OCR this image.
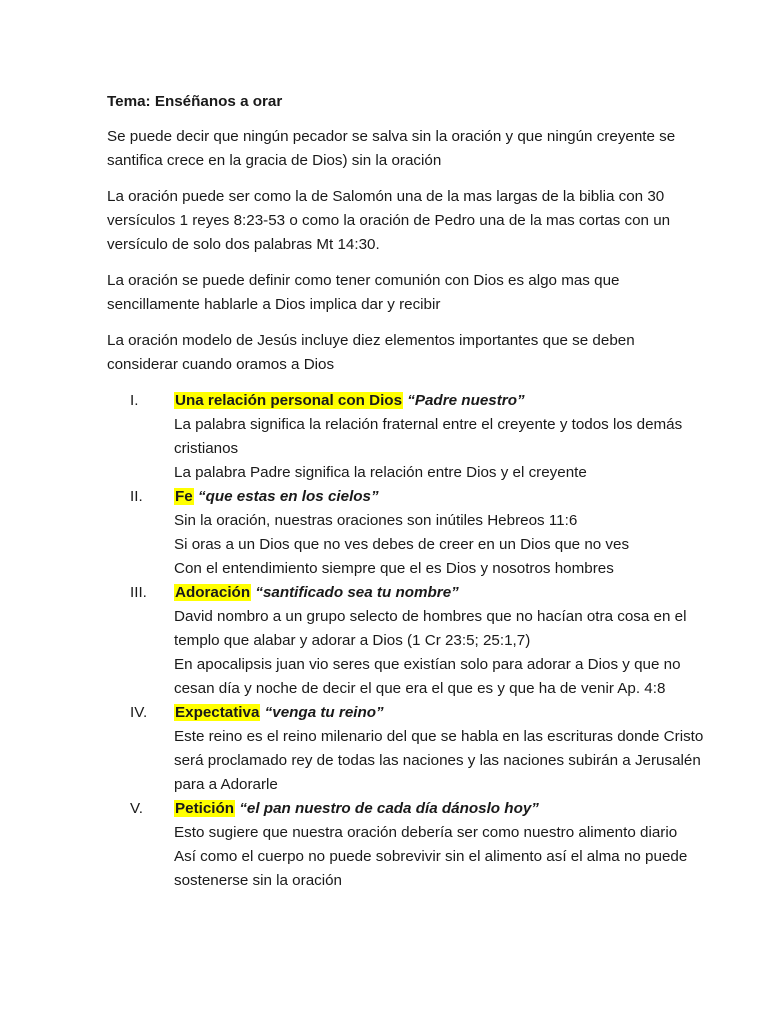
Tema: Enséñanos a orar

Se puede decir que ningún pecador se salva sin la oración y que ningún creyente se santifica crece en la gracia de Dios) sin la oración

La oración puede ser como la de Salomón una de la mas largas de la biblia con 30 versículos 1 reyes 8:23-53 o como la oración de Pedro una de la mas cortas con un versículo de solo dos palabras Mt 14:30.

La oración se puede definir como tener comunión con Dios es algo mas que sencillamente hablarle a Dios implica dar y recibir

La oración modelo de Jesús incluye diez elementos importantes que se deben considerar cuando oramos a Dios

I. Una relación personal con Dios “Padre nuestro”
La palabra significa la relación fraternal entre el creyente y todos los demás cristianos
La palabra Padre significa la relación entre Dios y el creyente
II. Fe “que estas en los cielos”
Sin la oración, nuestras oraciones son inútiles Hebreos 11:6
Si oras a un Dios que no ves debes de creer en un Dios que no ves
Con el entendimiento siempre que el es Dios y nosotros hombres
III. Adoración “santificado sea tu nombre”
David nombro a un grupo selecto de hombres que no hacían otra cosa en el templo que alabar y adorar a Dios (1 Cr 23:5; 25:1,7)
En apocalipsis juan vio seres que existían solo para adorar a Dios y que no cesan día y noche de decir el que era el que es y que ha de venir Ap. 4:8
IV. Expectativa “venga tu reino”
Este reino es el reino milenario del que se habla en las escrituras donde Cristo será proclamado rey de todas las naciones y las naciones subirán a Jerusalén para a Adorarle
V. Petición “el pan nuestro de cada día dánoslo hoy”
Esto sugiere que nuestra oración debería ser como nuestro alimento diario
Así como el cuerpo no puede sobrevivir sin el alimento así el alma no puede sostenerse sin la oración
